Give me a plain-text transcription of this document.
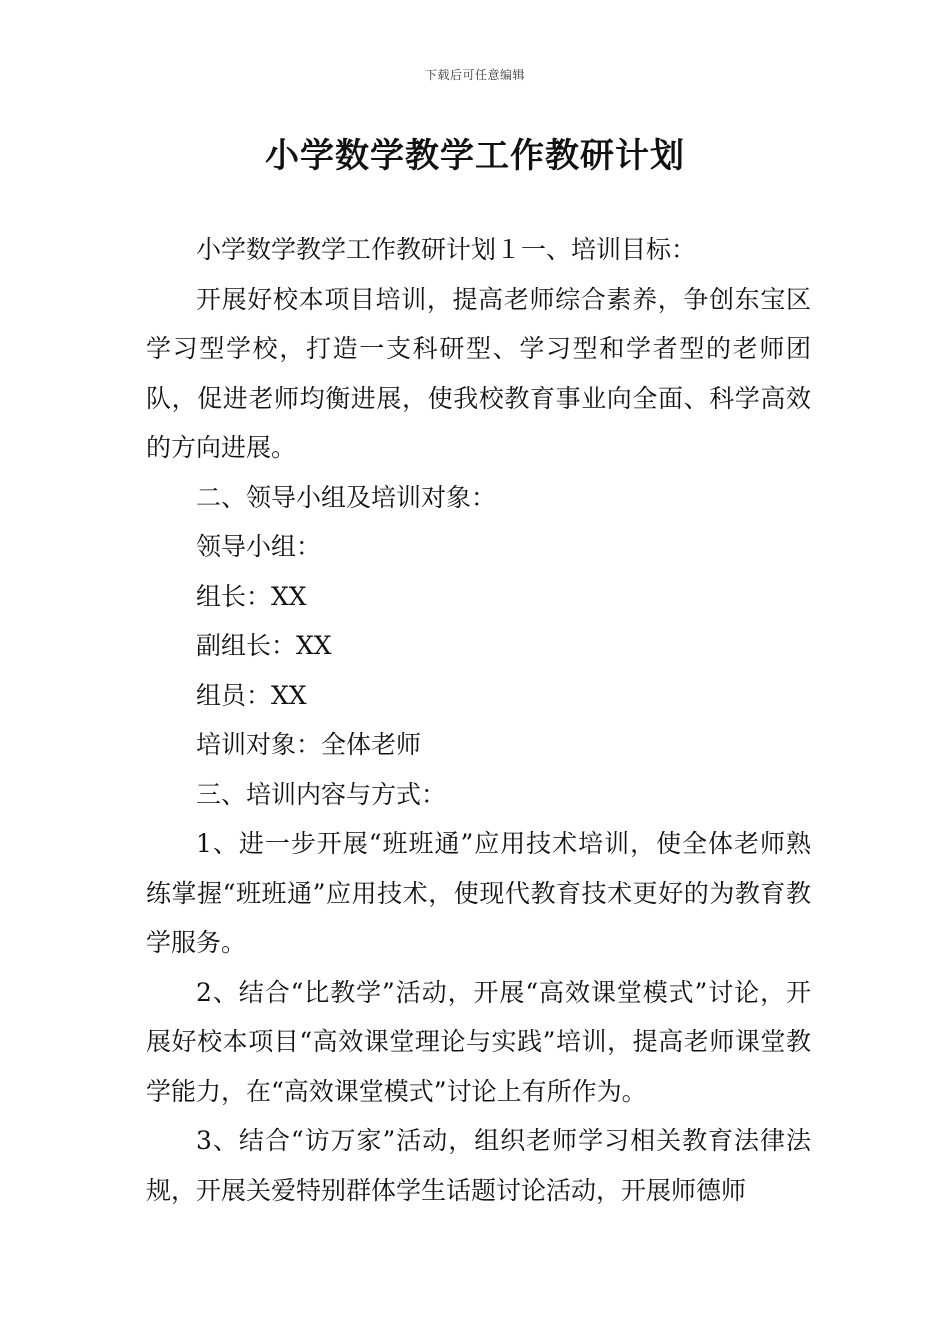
下载后可任意编辑
小学数学教学工作教研计划

小学数学教学工作教研计划１一、培训目标：

开展好校本项目培训，提高老师综合素养，争创东宝区学习型学校，打造一支科研型、学习型和学者型的老师团队，促进老师均衡进展，使我校教育事业向全面、科学高效的方向进展。

二、领导小组及培训对象：

领导小组：

组长：XX

副组长：XX

组员：XX

培训对象：全体老师

三、培训内容与方式：

1、进一步开展“班班通”应用技术培训，使全体老师熟练掌握“班班通”应用技术，使现代教育技术更好的为教育教学服务。

2、结合“比教学”活动，开展“高效课堂模式”讨论，开展好校本项目“高效课堂理论与实践”培训，提高老师课堂教学能力，在“高效课堂模式”讨论上有所作为。

3、结合“访万家”活动，组织老师学习相关教育法律法规，开展关爱特别群体学生话题讨论活动，开展师德师
